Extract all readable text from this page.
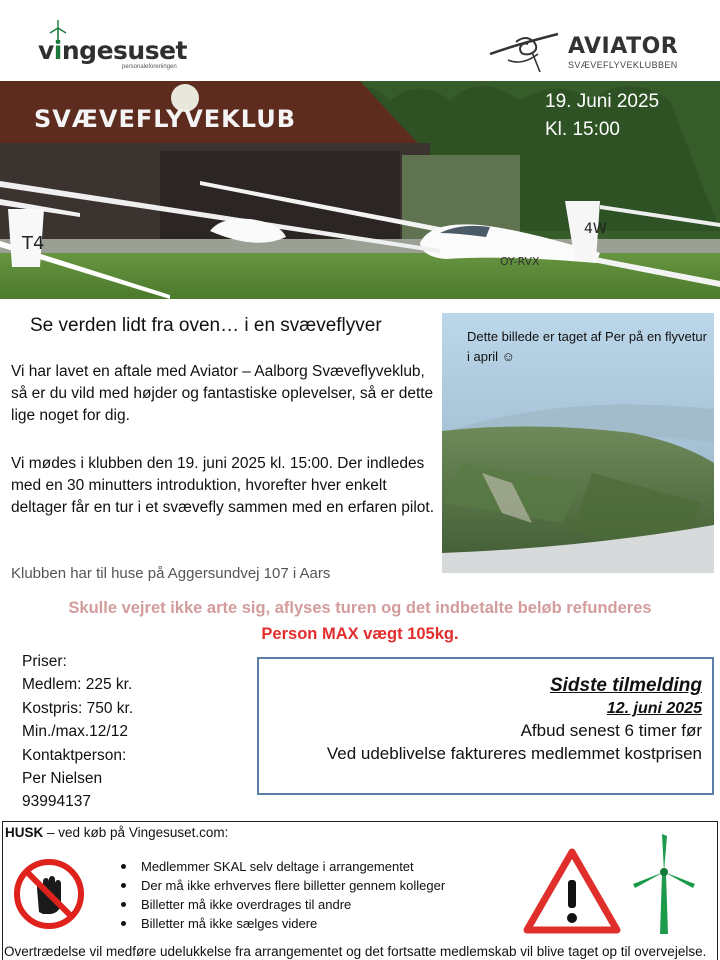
vingesuset
personaleforeningen
AVIATOR
SVÆVEFLYVEKLUBBEN
T4
4W
OY-RVX
SVÆVEFLYVEKLUB
19. Juni 2025
Kl. 15:00
Se verden lidt fra oven… i en svæveflyver

Vi har lavet en aftale med Aviator – Aalborg Svæveflyveklub, så er du vild med højder og fantastiske oplevelser, så er dette lige noget for dig.

Vi mødes i klubben den 19. juni 2025 kl. 15:00. Der indledes med en 30 minutters introduktion, hvorefter hver enkelt deltager får en tur i et svævefly sammen med en erfaren pilot.

Klubben har til huse på Aggersundvej 107 i Aars
Dette billede er taget af Per på en flyvetur i april ☺
Skulle vejret ikke arte sig, aflyses turen og det indbetalte beløb refunderes
Person MAX vægt 105kg.
Priser:
Medlem: 225 kr.
Kostpris: 750 kr.
Min./max.12/12
Kontaktperson:
Per Nielsen
93994137
Sidste tilmelding
12. juni 2025
Afbud senest 6 timer før
Ved udeblivelse faktureres medlemmet kostprisen
HUSK – ved køb på Vingesuset.com:
Medlemmer SKAL selv deltage i arrangementet
Der må ikke erhverves flere billetter gennem kolleger
Billetter må ikke overdrages til andre
Billetter må ikke sælges videre
Overtrædelse vil medføre udelukkelse fra arrangementet og det fortsatte medlemskab vil blive taget op til overvejelse.
